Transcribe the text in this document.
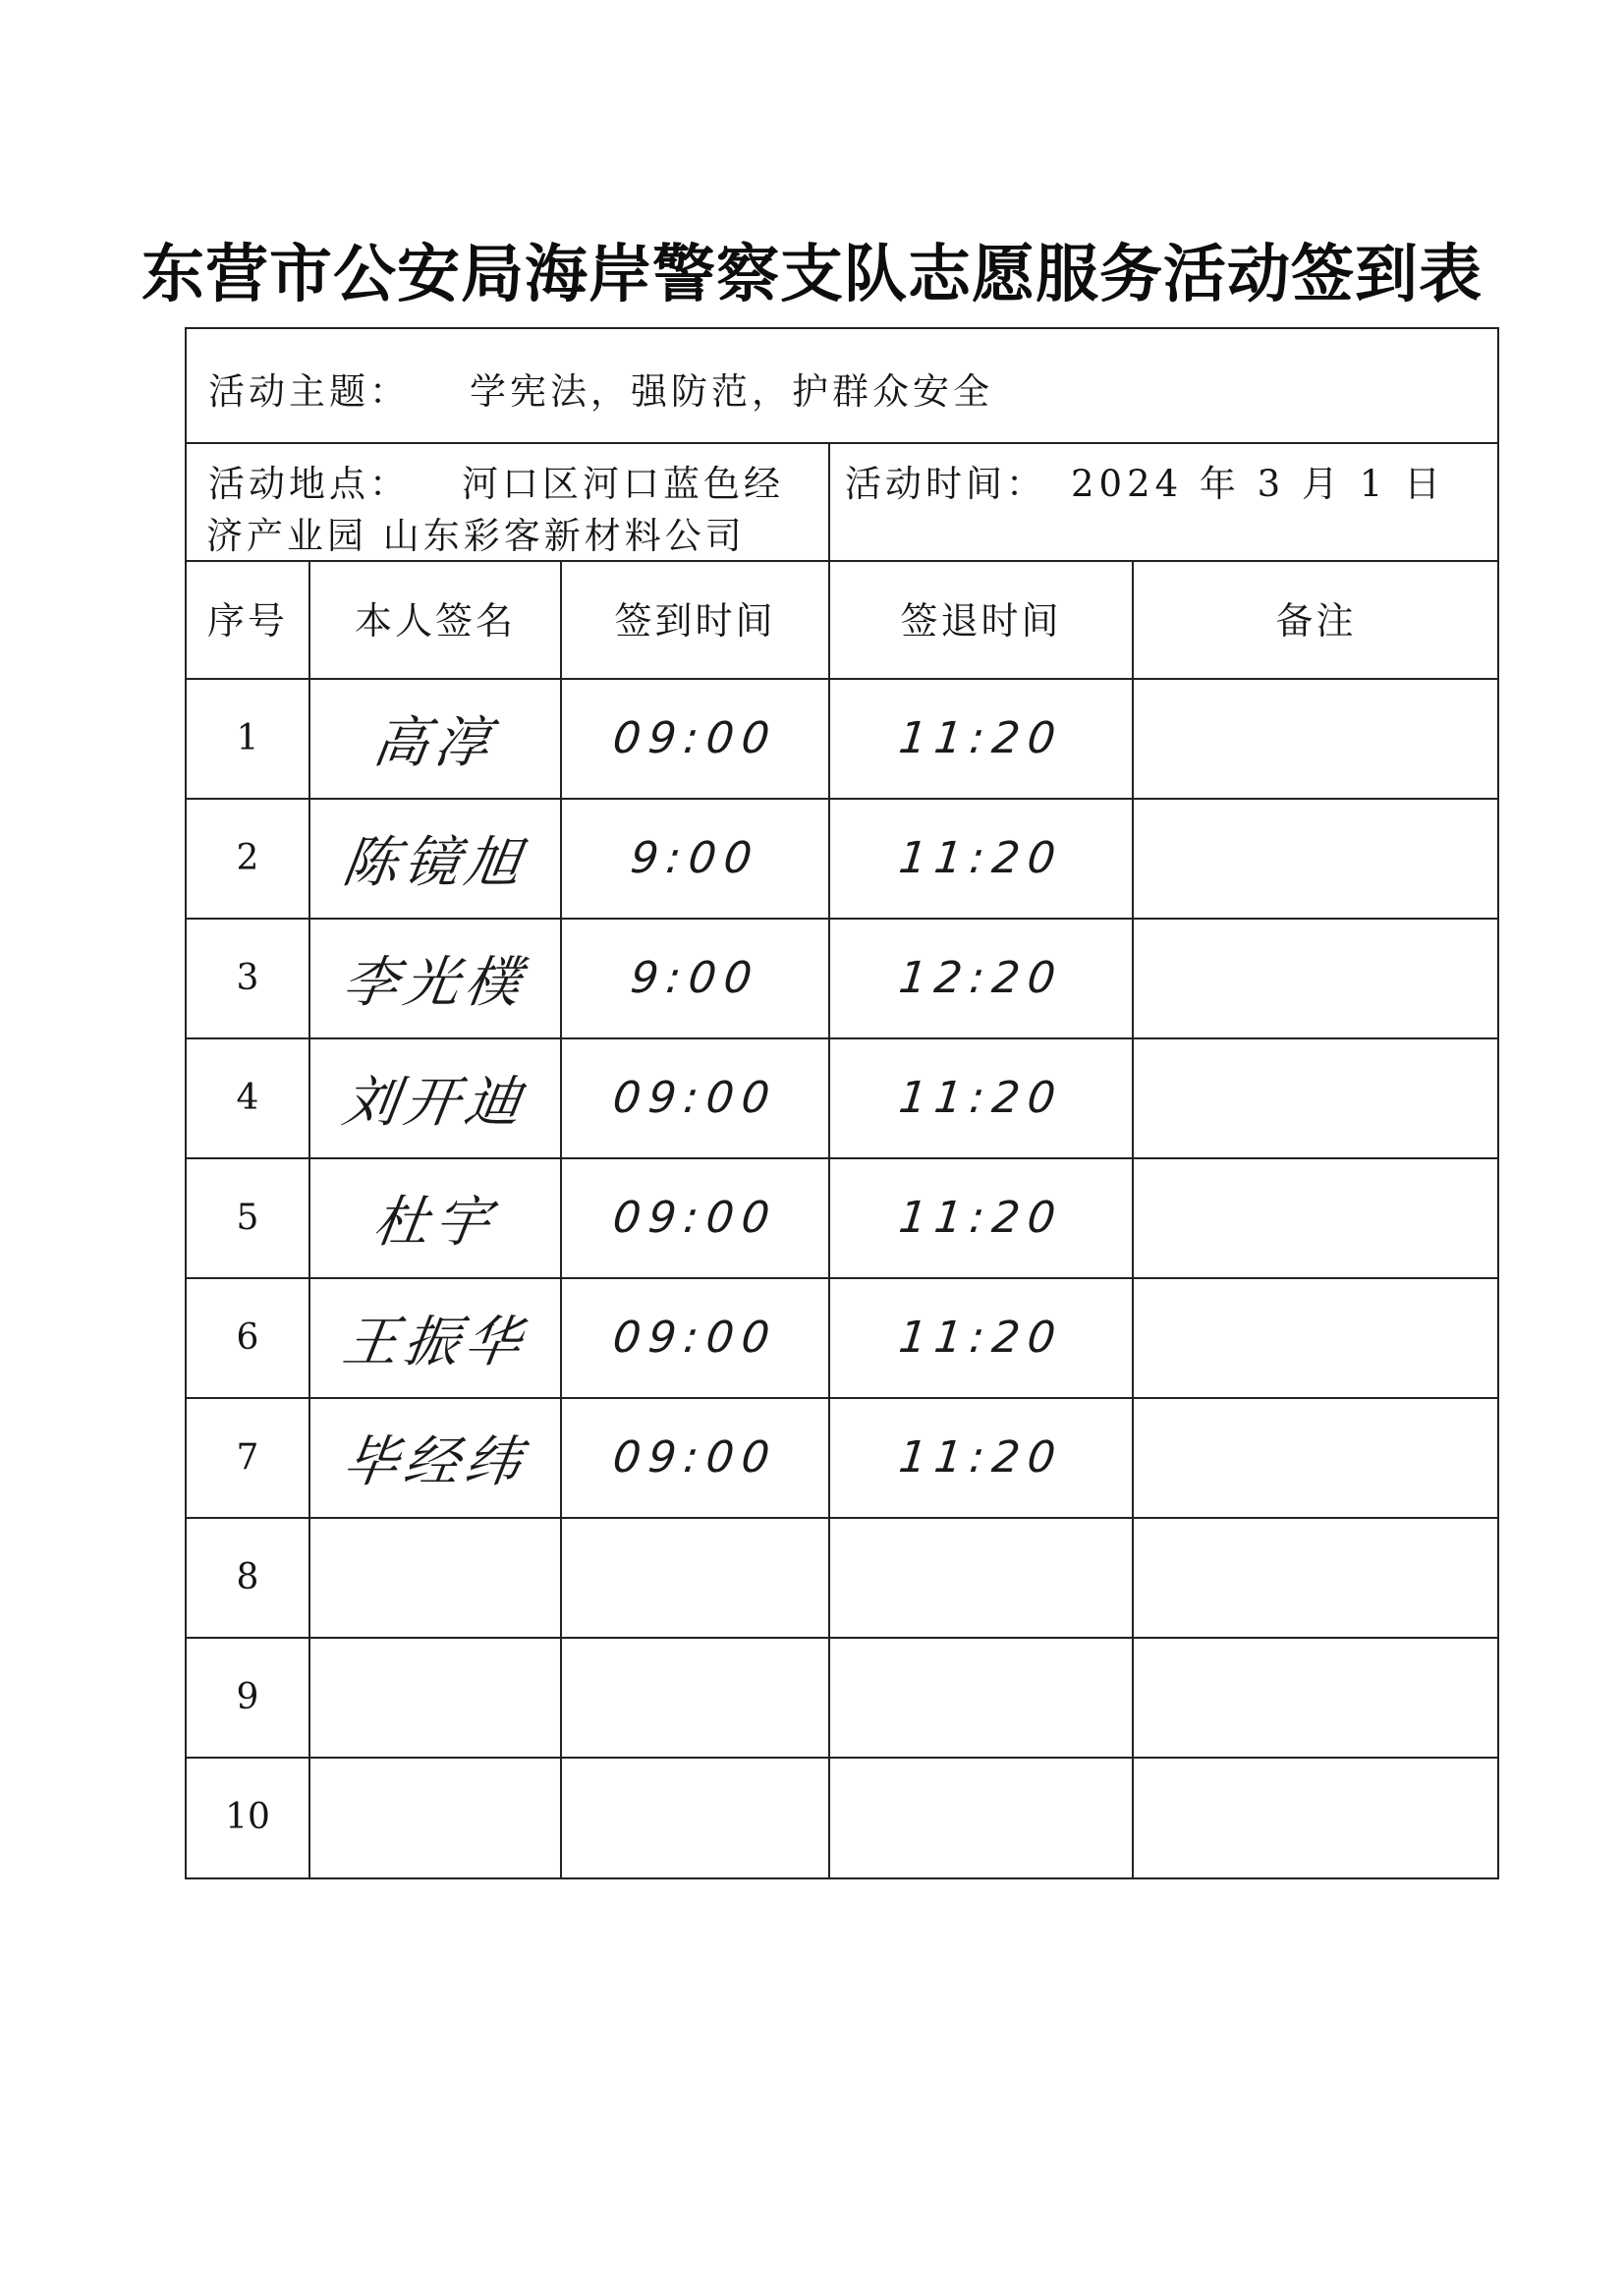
东营市公安局海岸警察支队志愿服务活动签到表
活动主题： 学宪法，强防范，护群众安全
活动地点： 河口区河口蓝色经
济产业园 山东彩客新材料公司
活动时间： 2024 年 3 月 1 日
序号	本人签名	签到时间	签退时间	备注
1	高淳	09:00	11:20
2	陈镜旭	9:00	11:20
3	李光樸	9:00	12:20
4	刘开迪	09:00	11:20
5	杜宇	09:00	11:20
6	王振华	09:00	11:20
7	毕经纬	09:00	11:20
8
9
10
